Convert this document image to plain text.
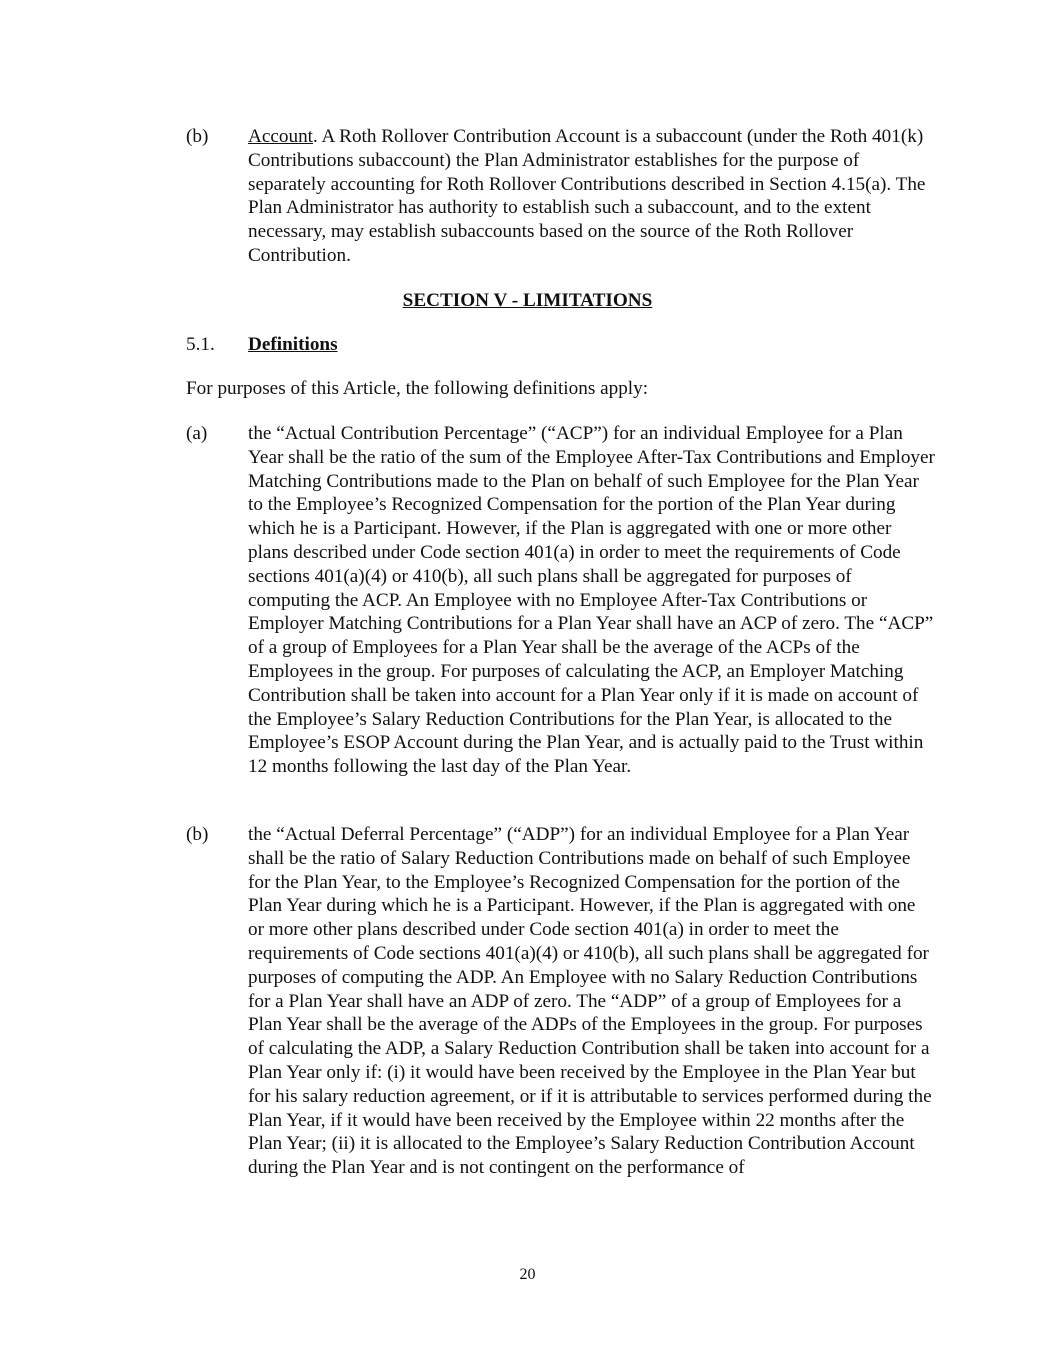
(b) Account. A Roth Rollover Contribution Account is a subaccount (under the Roth 401(k) Contributions subaccount) the Plan Administrator establishes for the purpose of separately accounting for Roth Rollover Contributions described in Section 4.15(a). The Plan Administrator has authority to establish such a subaccount, and to the extent necessary, may establish subaccounts based on the source of the Roth Rollover Contribution.
SECTION V - LIMITATIONS
5.1. Definitions
For purposes of this Article, the following definitions apply:
(a) the “Actual Contribution Percentage” (“ACP”) for an individual Employee for a Plan Year shall be the ratio of the sum of the Employee After-Tax Contributions and Employer Matching Contributions made to the Plan on behalf of such Employee for the Plan Year to the Employee’s Recognized Compensation for the portion of the Plan Year during which he is a Participant. However, if the Plan is aggregated with one or more other plans described under Code section 401(a) in order to meet the requirements of Code sections 401(a)(4) or 410(b), all such plans shall be aggregated for purposes of computing the ACP. An Employee with no Employee After-Tax Contributions or Employer Matching Contributions for a Plan Year shall have an ACP of zero. The “ACP” of a group of Employees for a Plan Year shall be the average of the ACPs of the Employees in the group. For purposes of calculating the ACP, an Employer Matching Contribution shall be taken into account for a Plan Year only if it is made on account of the Employee’s Salary Reduction Contributions for the Plan Year, is allocated to the Employee’s ESOP Account during the Plan Year, and is actually paid to the Trust within 12 months following the last day of the Plan Year.
(b) the “Actual Deferral Percentage” (“ADP”) for an individual Employee for a Plan Year shall be the ratio of Salary Reduction Contributions made on behalf of such Employee for the Plan Year, to the Employee’s Recognized Compensation for the portion of the Plan Year during which he is a Participant. However, if the Plan is aggregated with one or more other plans described under Code section 401(a) in order to meet the requirements of Code sections 401(a)(4) or 410(b), all such plans shall be aggregated for purposes of computing the ADP. An Employee with no Salary Reduction Contributions for a Plan Year shall have an ADP of zero. The “ADP” of a group of Employees for a Plan Year shall be the average of the ADPs of the Employees in the group. For purposes of calculating the ADP, a Salary Reduction Contribution shall be taken into account for a Plan Year only if: (i) it would have been received by the Employee in the Plan Year but for his salary reduction agreement, or if it is attributable to services performed during the Plan Year, if it would have been received by the Employee within 22 months after the Plan Year; (ii) it is allocated to the Employee’s Salary Reduction Contribution Account during the Plan Year and is not contingent on the performance of
20
